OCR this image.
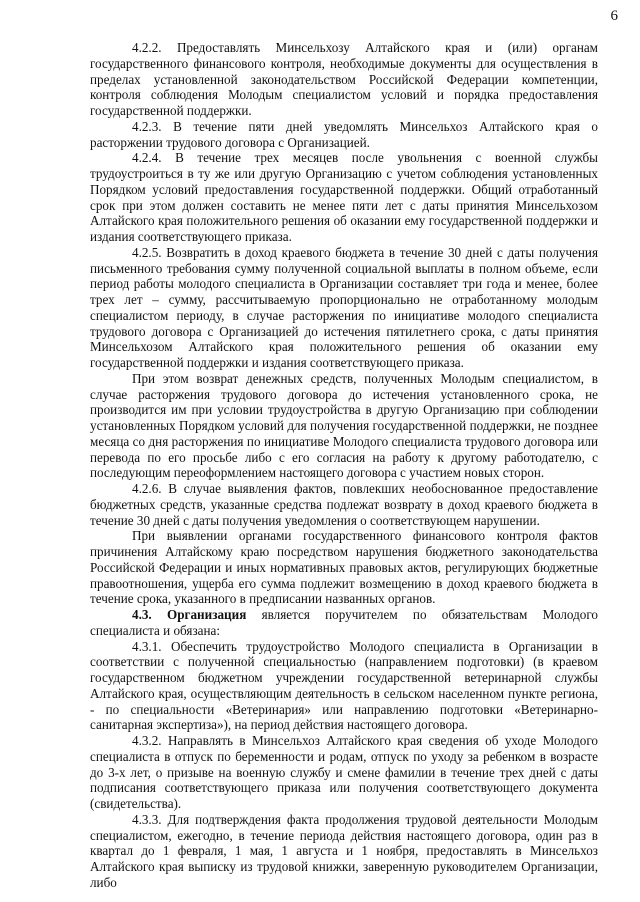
6

4.2.2. Предоставлять Минсельхозу Алтайского края и (или) органам государственного финансового контроля, необходимые документы для осуществления в пределах установленной законодательством Российской Федерации компетенции, контроля соблюдения Молодым специалистом условий и порядка предоставления государственной поддержки.

4.2.3. В течение пяти дней уведомлять Минсельхоз Алтайского края о расторжении трудового договора с Организацией.

4.2.4. В течение трех месяцев после увольнения с военной службы трудоустроиться в ту же или другую Организацию с учетом соблюдения установленных Порядком условий предоставления государственной поддержки. Общий отработанный срок при этом должен составить не менее пяти лет с даты принятия Минсельхозом Алтайского края положительного решения об оказании ему государственной поддержки и издания соответствующего приказа.

4.2.5. Возвратить в доход краевого бюджета в течение 30 дней с даты получения письменного требования сумму полученной социальной выплаты в полном объеме, если период работы молодого специалиста в Организации составляет три года и менее, более трех лет – сумму, рассчитываемую пропорционально не отработанному молодым специалистом периоду, в случае расторжения по инициативе молодого специалиста трудового договора с Организацией до истечения пятилетнего срока, с даты принятия Минсельхозом Алтайского края положительного решения об оказании ему государственной поддержки и издания соответствующего приказа.

При этом возврат денежных средств, полученных Молодым специалистом, в случае расторжения трудового договора до истечения установленного срока, не производится им при условии трудоустройства в другую Организацию при соблюдении установленных Порядком условий для получения государственной поддержки, не позднее месяца со дня расторжения по инициативе Молодого специалиста трудового договора или перевода по его просьбе либо с его согласия на работу к другому работодателю, с последующим переоформлением настоящего договора с участием новых сторон.

4.2.6. В случае выявления фактов, повлекших необоснованное предоставление бюджетных средств, указанные средства подлежат возврату в доход краевого бюджета в течение 30 дней с даты получения уведомления о соответствующем нарушении.

При выявлении органами государственного финансового контроля фактов причинения Алтайскому краю посредством нарушения бюджетного законодательства Российской Федерации и иных нормативных правовых актов, регулирующих бюджетные правоотношения, ущерба его сумма подлежит возмещению в доход краевого бюджета в течение срока, указанного в предписании названных органов.

4.3. Организация является поручителем по обязательствам Молодого специалиста и обязана:

4.3.1. Обеспечить трудоустройство Молодого специалиста в Организации в соответствии с полученной специальностью (направлением подготовки) (в краевом государственном бюджетном учреждении государственной ветеринарной службы Алтайского края, осуществляющим деятельность в сельском населенном пункте региона, - по специальности «Ветеринария» или направлению подготовки «Ветеринарно-санитарная экспертиза»), на период действия настоящего договора.

4.3.2. Направлять в Минсельхоз Алтайского края сведения об уходе Молодого специалиста в отпуск по беременности и родам, отпуск по уходу за ребенком в возрасте до 3-х лет, о призыве на военную службу и смене фамилии в течение трех дней с даты подписания соответствующего приказа или получения соответствующего документа (свидетельства).

4.3.3. Для подтверждения факта продолжения трудовой деятельности Молодым специалистом, ежегодно, в течение периода действия настоящего договора, один раз в квартал до 1 февраля, 1 мая, 1 августа и 1 ноября, предоставлять в Минсельхоз Алтайского края выписку из трудовой книжки, заверенную руководителем Организации, либо
